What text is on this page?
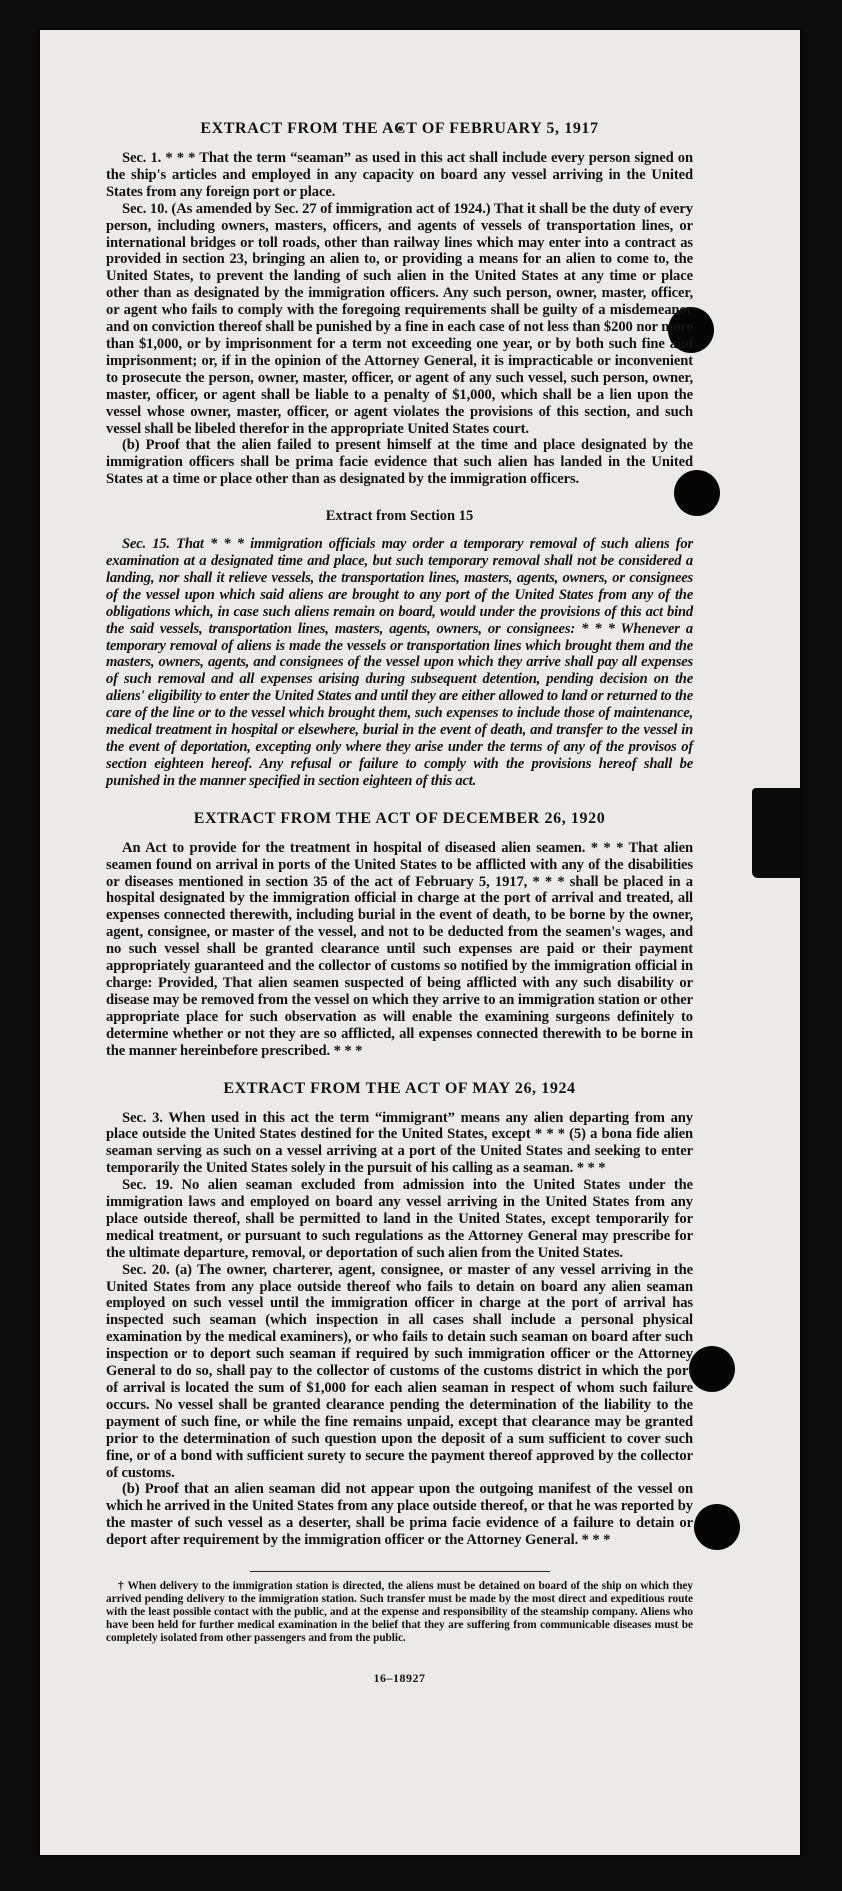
EXTRACT FROM THE ACT OF FEBRUARY 5, 1917

Sec. 1. * * * That the term “seaman” as used in this act shall include every person signed on the ship's articles and employed in any capacity on board any vessel arriving in the United States from any foreign port or place.

Sec. 10. (As amended by Sec. 27 of immigration act of 1924.) That it shall be the duty of every person, including owners, masters, officers, and agents of vessels of transportation lines, or international bridges or toll roads, other than railway lines which may enter into a contract as provided in section 23, bringing an alien to, or providing a means for an alien to come to, the United States, to prevent the landing of such alien in the United States at any time or place other than as designated by the immigration officers. Any such person, owner, master, officer, or agent who fails to comply with the foregoing requirements shall be guilty of a misdemeanor and on conviction thereof shall be punished by a fine in each case of not less than $200 nor more than $1,000, or by imprisonment for a term not exceeding one year, or by both such fine and imprisonment; or, if in the opinion of the Attorney General, it is impracticable or inconvenient to prosecute the person, owner, master, officer, or agent of any such vessel, such person, owner, master, officer, or agent shall be liable to a penalty of $1,000, which shall be a lien upon the vessel whose owner, master, officer, or agent violates the provisions of this section, and such vessel shall be libeled therefor in the appropriate United States court.

(b) Proof that the alien failed to present himself at the time and place designated by the immigration officers shall be prima facie evidence that such alien has landed in the United States at a time or place other than as designated by the immigration officers.

Extract from Section 15

Sec. 15. That * * * immigration officials may order a temporary removal of such aliens for examination at a designated time and place, but such temporary removal shall not be considered a landing, nor shall it relieve vessels, the transportation lines, masters, agents, owners, or consignees of the vessel upon which said aliens are brought to any port of the United States from any of the obligations which, in case such aliens remain on board, would under the provisions of this act bind the said vessels, transportation lines, masters, agents, owners, or consignees: * * * Whenever a temporary removal of aliens is made the vessels or transportation lines which brought them and the masters, owners, agents, and consignees of the vessel upon which they arrive shall pay all expenses of such removal and all expenses arising during subsequent detention, pending decision on the aliens' eligibility to enter the United States and until they are either allowed to land or returned to the care of the line or to the vessel which brought them, such expenses to include those of maintenance, medical treatment in hospital or elsewhere, burial in the event of death, and transfer to the vessel in the event of deportation, excepting only where they arise under the terms of any of the provisos of section eighteen hereof. Any refusal or failure to comply with the provisions hereof shall be punished in the manner specified in section eighteen of this act.

EXTRACT FROM THE ACT OF DECEMBER 26, 1920

An Act to provide for the treatment in hospital of diseased alien seamen. * * * That alien seamen found on arrival in ports of the United States to be afflicted with any of the disabilities or diseases mentioned in section 35 of the act of February 5, 1917, * * * shall be placed in a hospital designated by the immigration official in charge at the port of arrival and treated, all expenses connected therewith, including burial in the event of death, to be borne by the owner, agent, consignee, or master of the vessel, and not to be deducted from the seamen's wages, and no such vessel shall be granted clearance until such expenses are paid or their payment appropriately guaranteed and the collector of customs so notified by the immigration official in charge: Provided, That alien seamen suspected of being afflicted with any such disability or disease may be removed from the vessel on which they arrive to an immigration station or other appropriate place for such observation as will enable the examining surgeons definitely to determine whether or not they are so afflicted, all expenses connected therewith to be borne in the manner hereinbefore prescribed. * * *

EXTRACT FROM THE ACT OF MAY 26, 1924

Sec. 3. When used in this act the term “immigrant” means any alien departing from any place outside the United States destined for the United States, except * * * (5) a bona fide alien seaman serving as such on a vessel arriving at a port of the United States and seeking to enter temporarily the United States solely in the pursuit of his calling as a seaman. * * *

Sec. 19. No alien seaman excluded from admission into the United States under the immigration laws and employed on board any vessel arriving in the United States from any place outside thereof, shall be permitted to land in the United States, except temporarily for medical treatment, or pursuant to such regulations as the Attorney General may prescribe for the ultimate departure, removal, or deportation of such alien from the United States.

Sec. 20. (a) The owner, charterer, agent, consignee, or master of any vessel arriving in the United States from any place outside thereof who fails to detain on board any alien seaman employed on such vessel until the immigration officer in charge at the port of arrival has inspected such seaman (which inspection in all cases shall include a personal physical examination by the medical examiners), or who fails to detain such seaman on board after such inspection or to deport such seaman if required by such immigration officer or the Attorney General to do so, shall pay to the collector of customs of the customs district in which the port of arrival is located the sum of $1,000 for each alien seaman in respect of whom such failure occurs. No vessel shall be granted clearance pending the determination of the liability to the payment of such fine, or while the fine remains unpaid, except that clearance may be granted prior to the determination of such question upon the deposit of a sum sufficient to cover such fine, or of a bond with sufficient surety to secure the payment thereof approved by the collector of customs.

(b) Proof that an alien seaman did not appear upon the outgoing manifest of the vessel on which he arrived in the United States from any place outside thereof, or that he was reported by the master of such vessel as a deserter, shall be prima facie evidence of a failure to detain or deport after requirement by the immigration officer or the Attorney General. * * *

† When delivery to the immigration station is directed, the aliens must be detained on board of the ship on which they arrived pending delivery to the immigration station. Such transfer must be made by the most direct and expeditious route with the least possible contact with the public, and at the expense and responsibility of the steamship company. Aliens who have been held for further medical examination in the belief that they are suffering from communicable diseases must be completely isolated from other passengers and from the public.

16–18927
